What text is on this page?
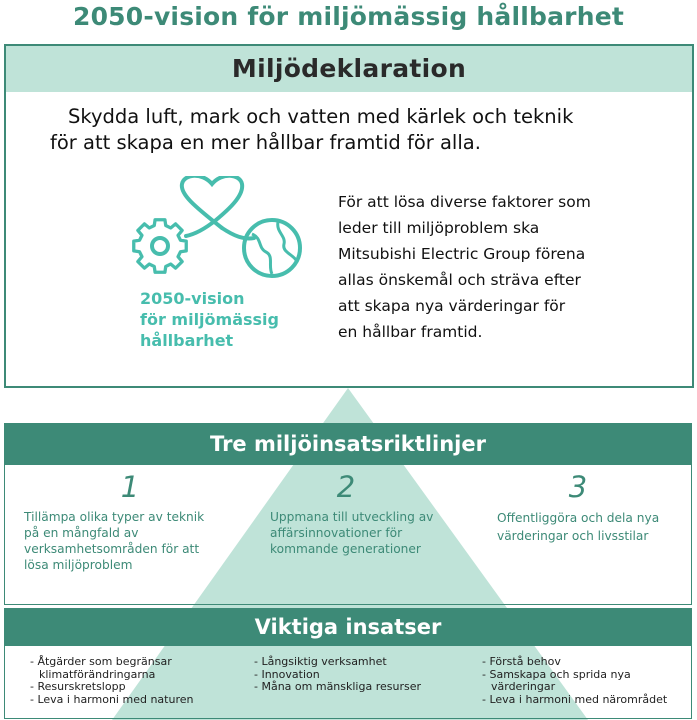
2050-vision för miljömässig hållbarhet
Miljödeklaration
Skydda luft, mark och vatten med kärlek och teknik
för att skapa en mer hållbar framtid för alla.
2050-vision
för miljömässig
hållbarhet
För att lösa diverse faktorer som
leder till miljöproblem ska
Mitsubishi Electric Group förena
allas önskemål och sträva efter
att skapa nya värderingar för
en hållbar framtid.
Tre miljöinsatsriktlinjer
1
Tillämpa olika typer av teknik
på en mångfald av
verksamhetsområden för att
lösa miljöproblem
2
Uppmana till utveckling av
affärsinnovationer för
kommande generationer
3
Offentliggöra och dela nya
värderingar och livsstilar
Viktiga insatser
- Åtgärder som begränsar
klimatförändringarna
- Resurskretslopp
- Leva i harmoni med naturen
- Långsiktig verksamhet
- Innovation
- Måna om mänskliga resurser
- Förstå behov
- Samskapa och sprida nya
värderingar
- Leva i harmoni med närområdet
